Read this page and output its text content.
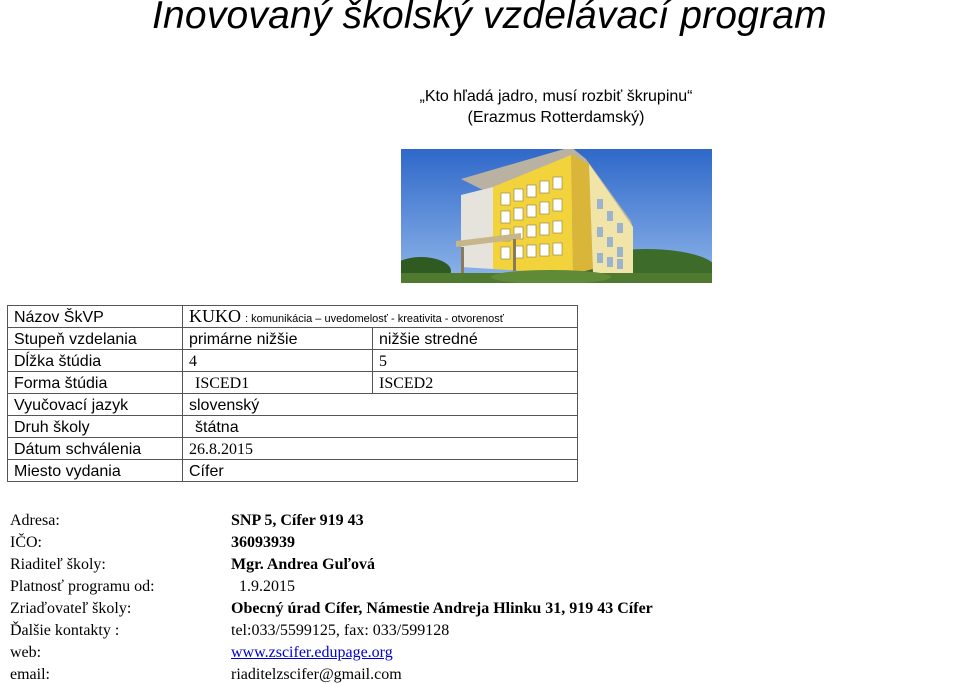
Inovovaný školský vzdelávací program
„Kto hľadá jadro, musí rozbiť škrupinu“
(Erazmus Rotterdamský)
Názov ŠkVP	KUKO : komunikácia – uvedomelosť - kreativita - otvorenosť	
Stupeň vzdelania	primárne nižšie	nižšie stredné
Dĺžka štúdia	4	5
Forma štúdia	ISCED1	ISCED2
Vyučovací jazyk	slovenský	
Druh školy	štátna	
Dátum schválenia	26.8.2015	
Miesto vydania	Cífer	
Adresa:	SNP 5, Cífer 919 43
IČO:	36093939
Riaditeľ školy:	Mgr. Andrea Guľová
Platnosť programu od:	1.9.2015
Zriaďovateľ školy:	Obecný úrad Cífer, Námestie Andreja Hlinku 31, 919 43 Cífer
Ďalšie kontakty :	tel:033/5599125, fax: 033/599128
web:	www.zscifer.edupage.org
email:	riaditelzscifer@gmail.com
